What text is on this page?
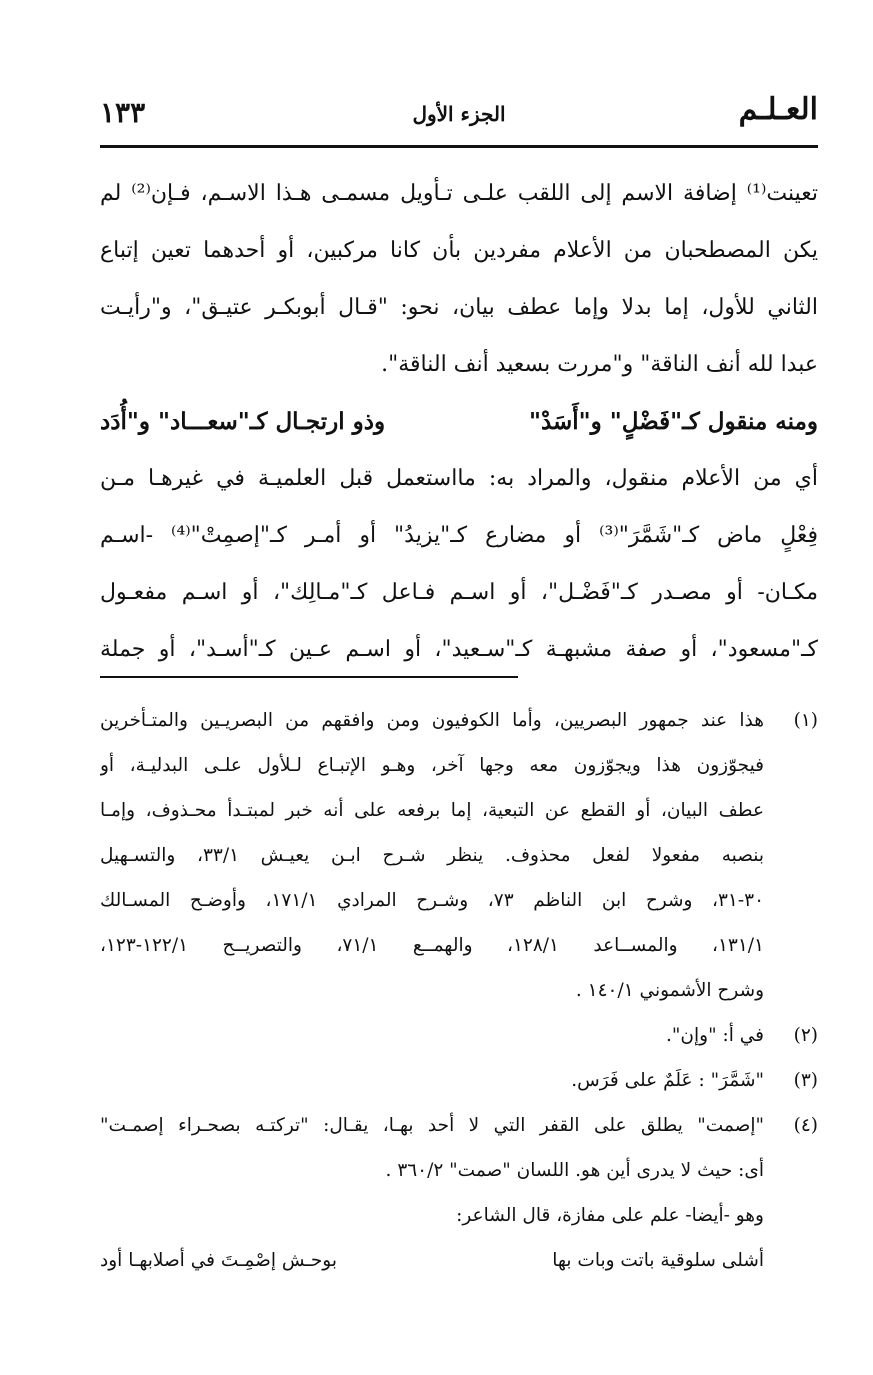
العـلـم
الجزء الأول
١٣٣
تعينت⁽¹⁾ إضافة الاسم إلى اللقب علـى تـأويل مسمـى هـذا الاسـم، فـإن⁽²⁾ لم
يكن المصطحبان من الأعلام مفردين بأن كانا مركبين، أو أحدهما تعين إتباع
الثاني للأول، إما بدلا وإما عطف بيان، نحو: "قـال أبوبكـر عتيـق"، و"رأيـت
عبدا لله أنف الناقة" و"مررت بسعيد أنف الناقة".
ومنه منقول كـ"فَضْلٍ" و"أَسَدْ"
وذو ارتجـال كـ"سعـــاد" و"أُدَد
أي من الأعلام منقول، والمراد به: مااستعمل قبل العلميـة في غيرهـا مـن
فِعْلٍ ماض كـ"شَمَّرَ"⁽³⁾ أو مضارع كـ"يزيدُ" أو أمـر كـ"إصمِتْ"⁽⁴⁾ -اسـم
مكـان- أو مصـدر كـ"فَضْـل"، أو اسـم فـاعل كـ"مـالِك"، أو اسـم مفعـول
كـ"مسعود"، أو صفة مشبهـة كـ"سـعيد"، أو اسـم عـين كـ"أسـد"، أو جملة
(١)
هذا عند جمهور البصريين، وأما الكوفيون ومن وافقهم من البصريـين والمتـأخرين
فيجوّزون هذا ويجوّزون معه وجها آخر، وهـو الإتبـاع لـلأول علـى البدليـة، أو
عطف البيان، أو القطع عن التبعية، إما برفعه على أنه خبر لمبتـدأ محـذوف، وإمـا
بنصبه مفعولا لفعل محذوف. ينظر شـرح ابـن يعيـش ٣٣/١، والتسـهيل
٣٠-٣١، وشرح ابن الناظم ٧٣، وشـرح المرادي ١٧١/١، وأوضـح المسـالك
١٣١/١، والمســاعد ١٢٨/١، والهمــع ٧١/١، والتصريــح ١٢٢/١-١٢٣،
وشرح الأشموني ١٤٠/١ .
(٢)
في أ: "وإن".
(٣)
"شَمَّرَ" : عَلَمٌ على فَرَس.
(٤)
"إصمت" يطلق على القفر التي لا أحد بهـا، يقـال: "تركتـه بصحـراء إصمـت"
أى: حيث لا يدرى أين هو. اللسان "صمت" ٣٦٠/٢ .
وهو -أيضا- علم على مفازة، قال الشاعر:
أشلى سلوقية باتت وبات بها
بوحـش إصْمِـتَ في أصلابهـا أود
